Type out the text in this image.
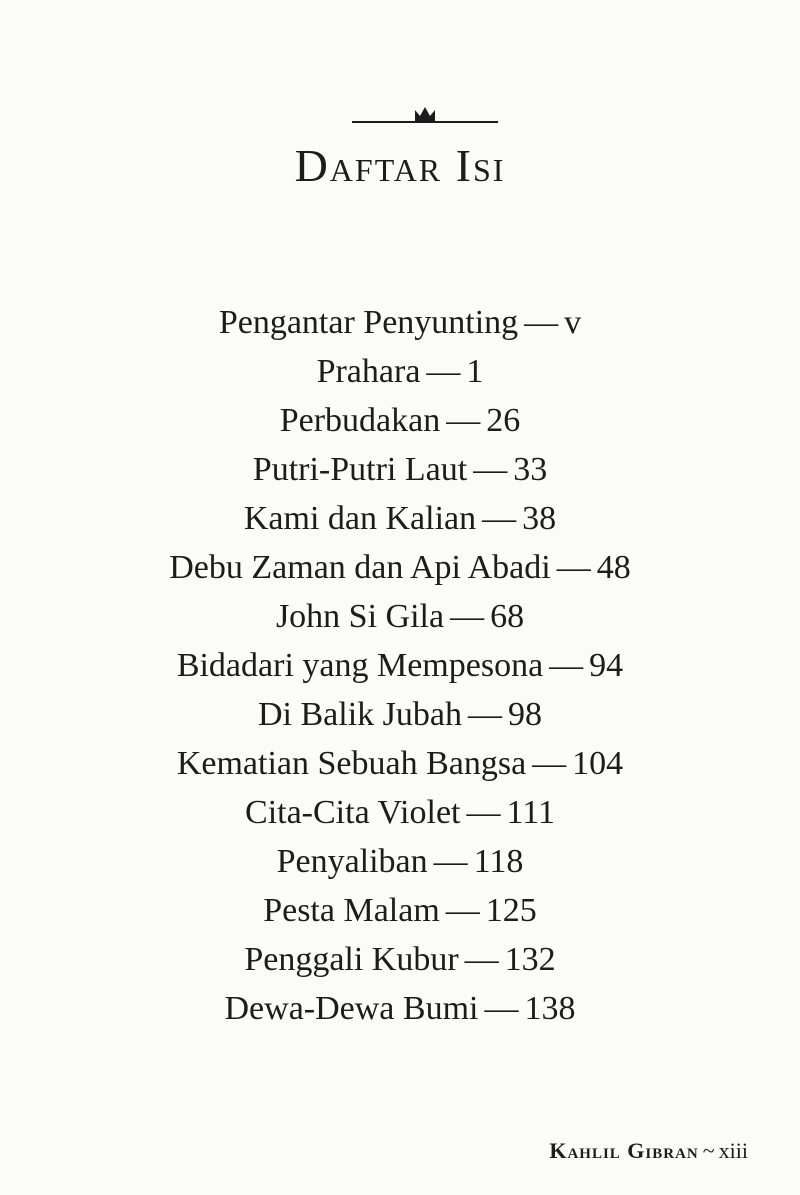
Daftar Isi
Pengantar Penyunting — v
Prahara — 1
Perbudakan — 26
Putri-Putri Laut — 33
Kami dan Kalian — 38
Debu Zaman dan Api Abadi — 48
John Si Gila — 68
Bidadari yang Mempesona — 94
Di Balik Jubah — 98
Kematian Sebuah Bangsa — 104
Cita-Cita Violet — 111
Penyaliban — 118
Pesta Malam — 125
Penggali Kubur — 132
Dewa-Dewa Bumi — 138
Kahlil Gibran ~ xiii
